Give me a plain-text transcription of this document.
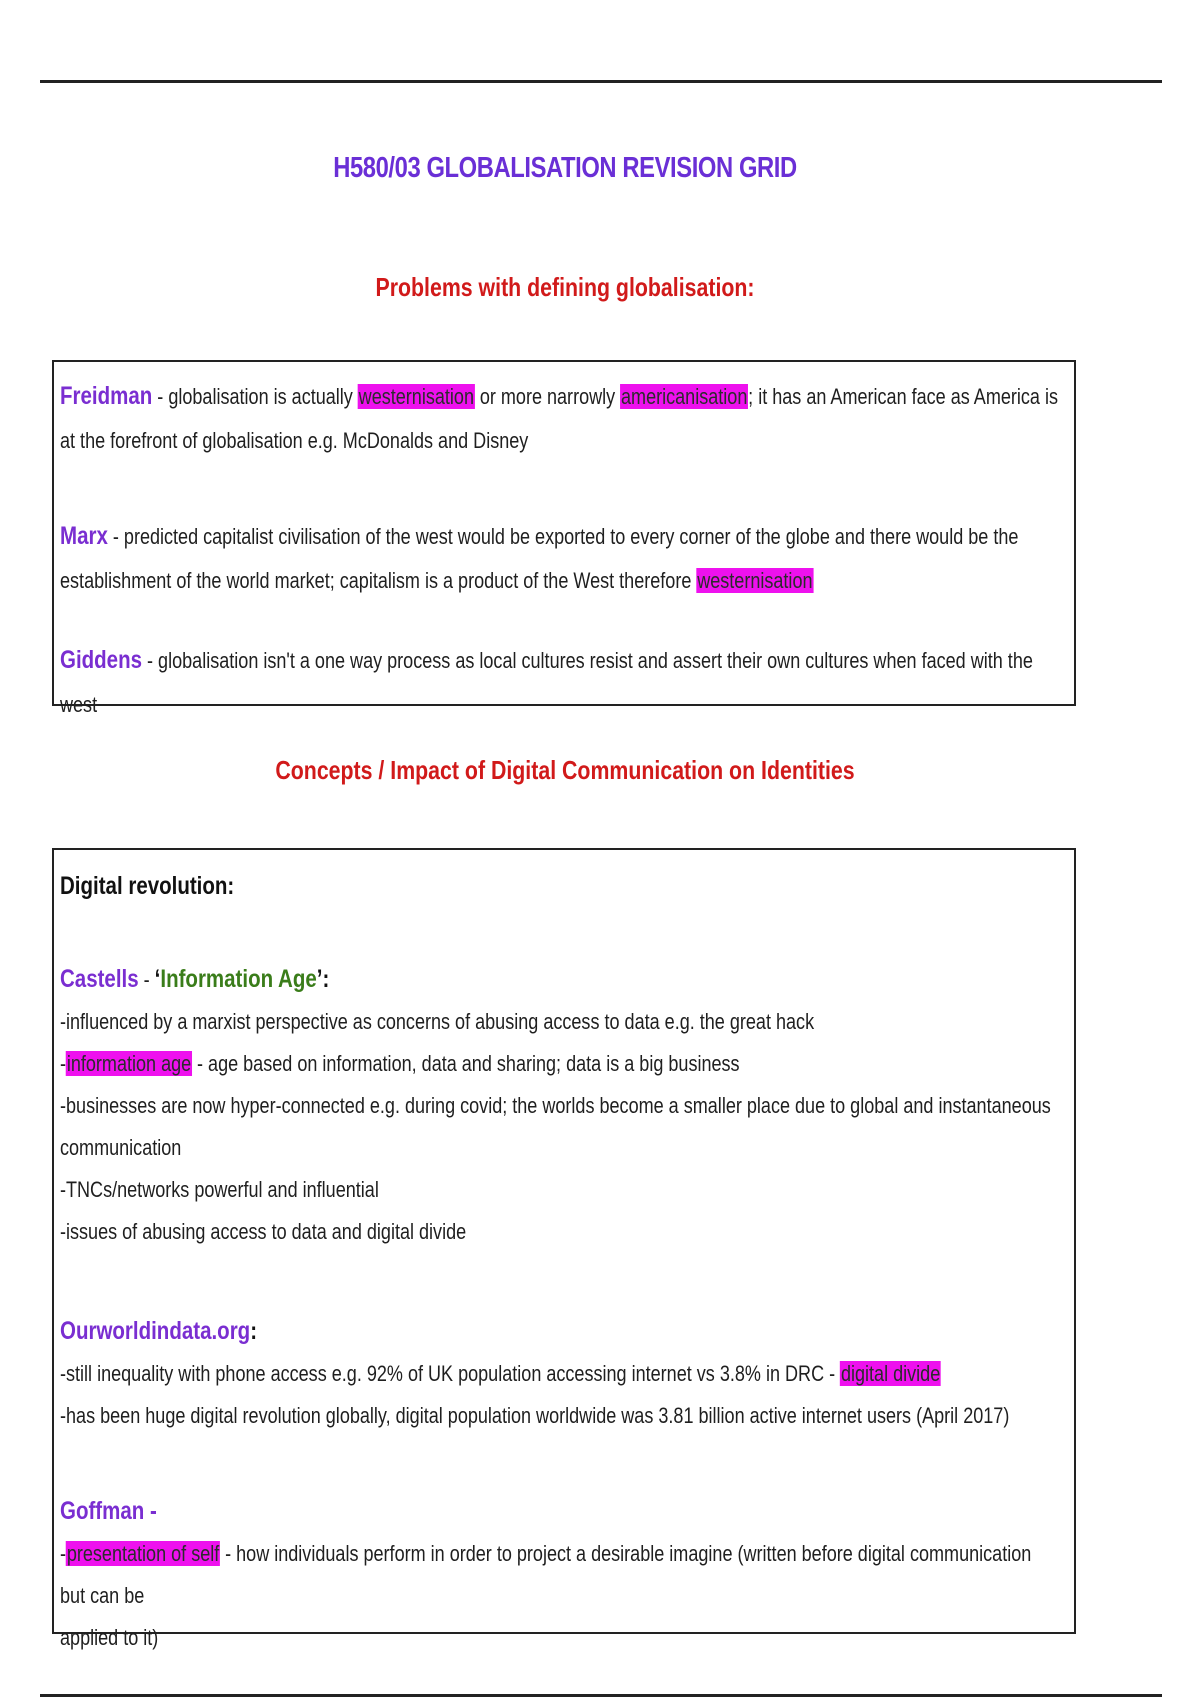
H580/03 GLOBALISATION REVISION GRID
Problems with defining globalisation:
Freidman - globalisation is actually westernisation or more narrowly americanisation; it has an American face as America is at the forefront of globalisation e.g. McDonalds and Disney
Marx - predicted capitalist civilisation of the west would be exported to every corner of the globe and there would be the establishment of the world market; capitalism is a product of the West therefore westernisation
Giddens - globalisation isn't a one way process as local cultures resist and assert their own cultures when faced with the west
Concepts / Impact of Digital Communication on Identities
Digital revolution:
Castells - ‘Information Age’:
-influenced by a marxist perspective as concerns of abusing access to data e.g. the great hack
-information age - age based on information, data and sharing; data is a big business
-businesses are now hyper-connected e.g. during covid; the worlds become a smaller place due to global and instantaneous
communication
-TNCs/networks powerful and influential
-issues of abusing access to data and digital divide
Ourworldindata.org:
-still inequality with phone access e.g. 92% of UK population accessing internet vs 3.8% in DRC - digital divide
-has been huge digital revolution globally, digital population worldwide was 3.81 billion active internet users (April 2017)
Goffman -
-presentation of self - how individuals perform in order to project a desirable imagine (written before digital communication but can be
applied to it)
